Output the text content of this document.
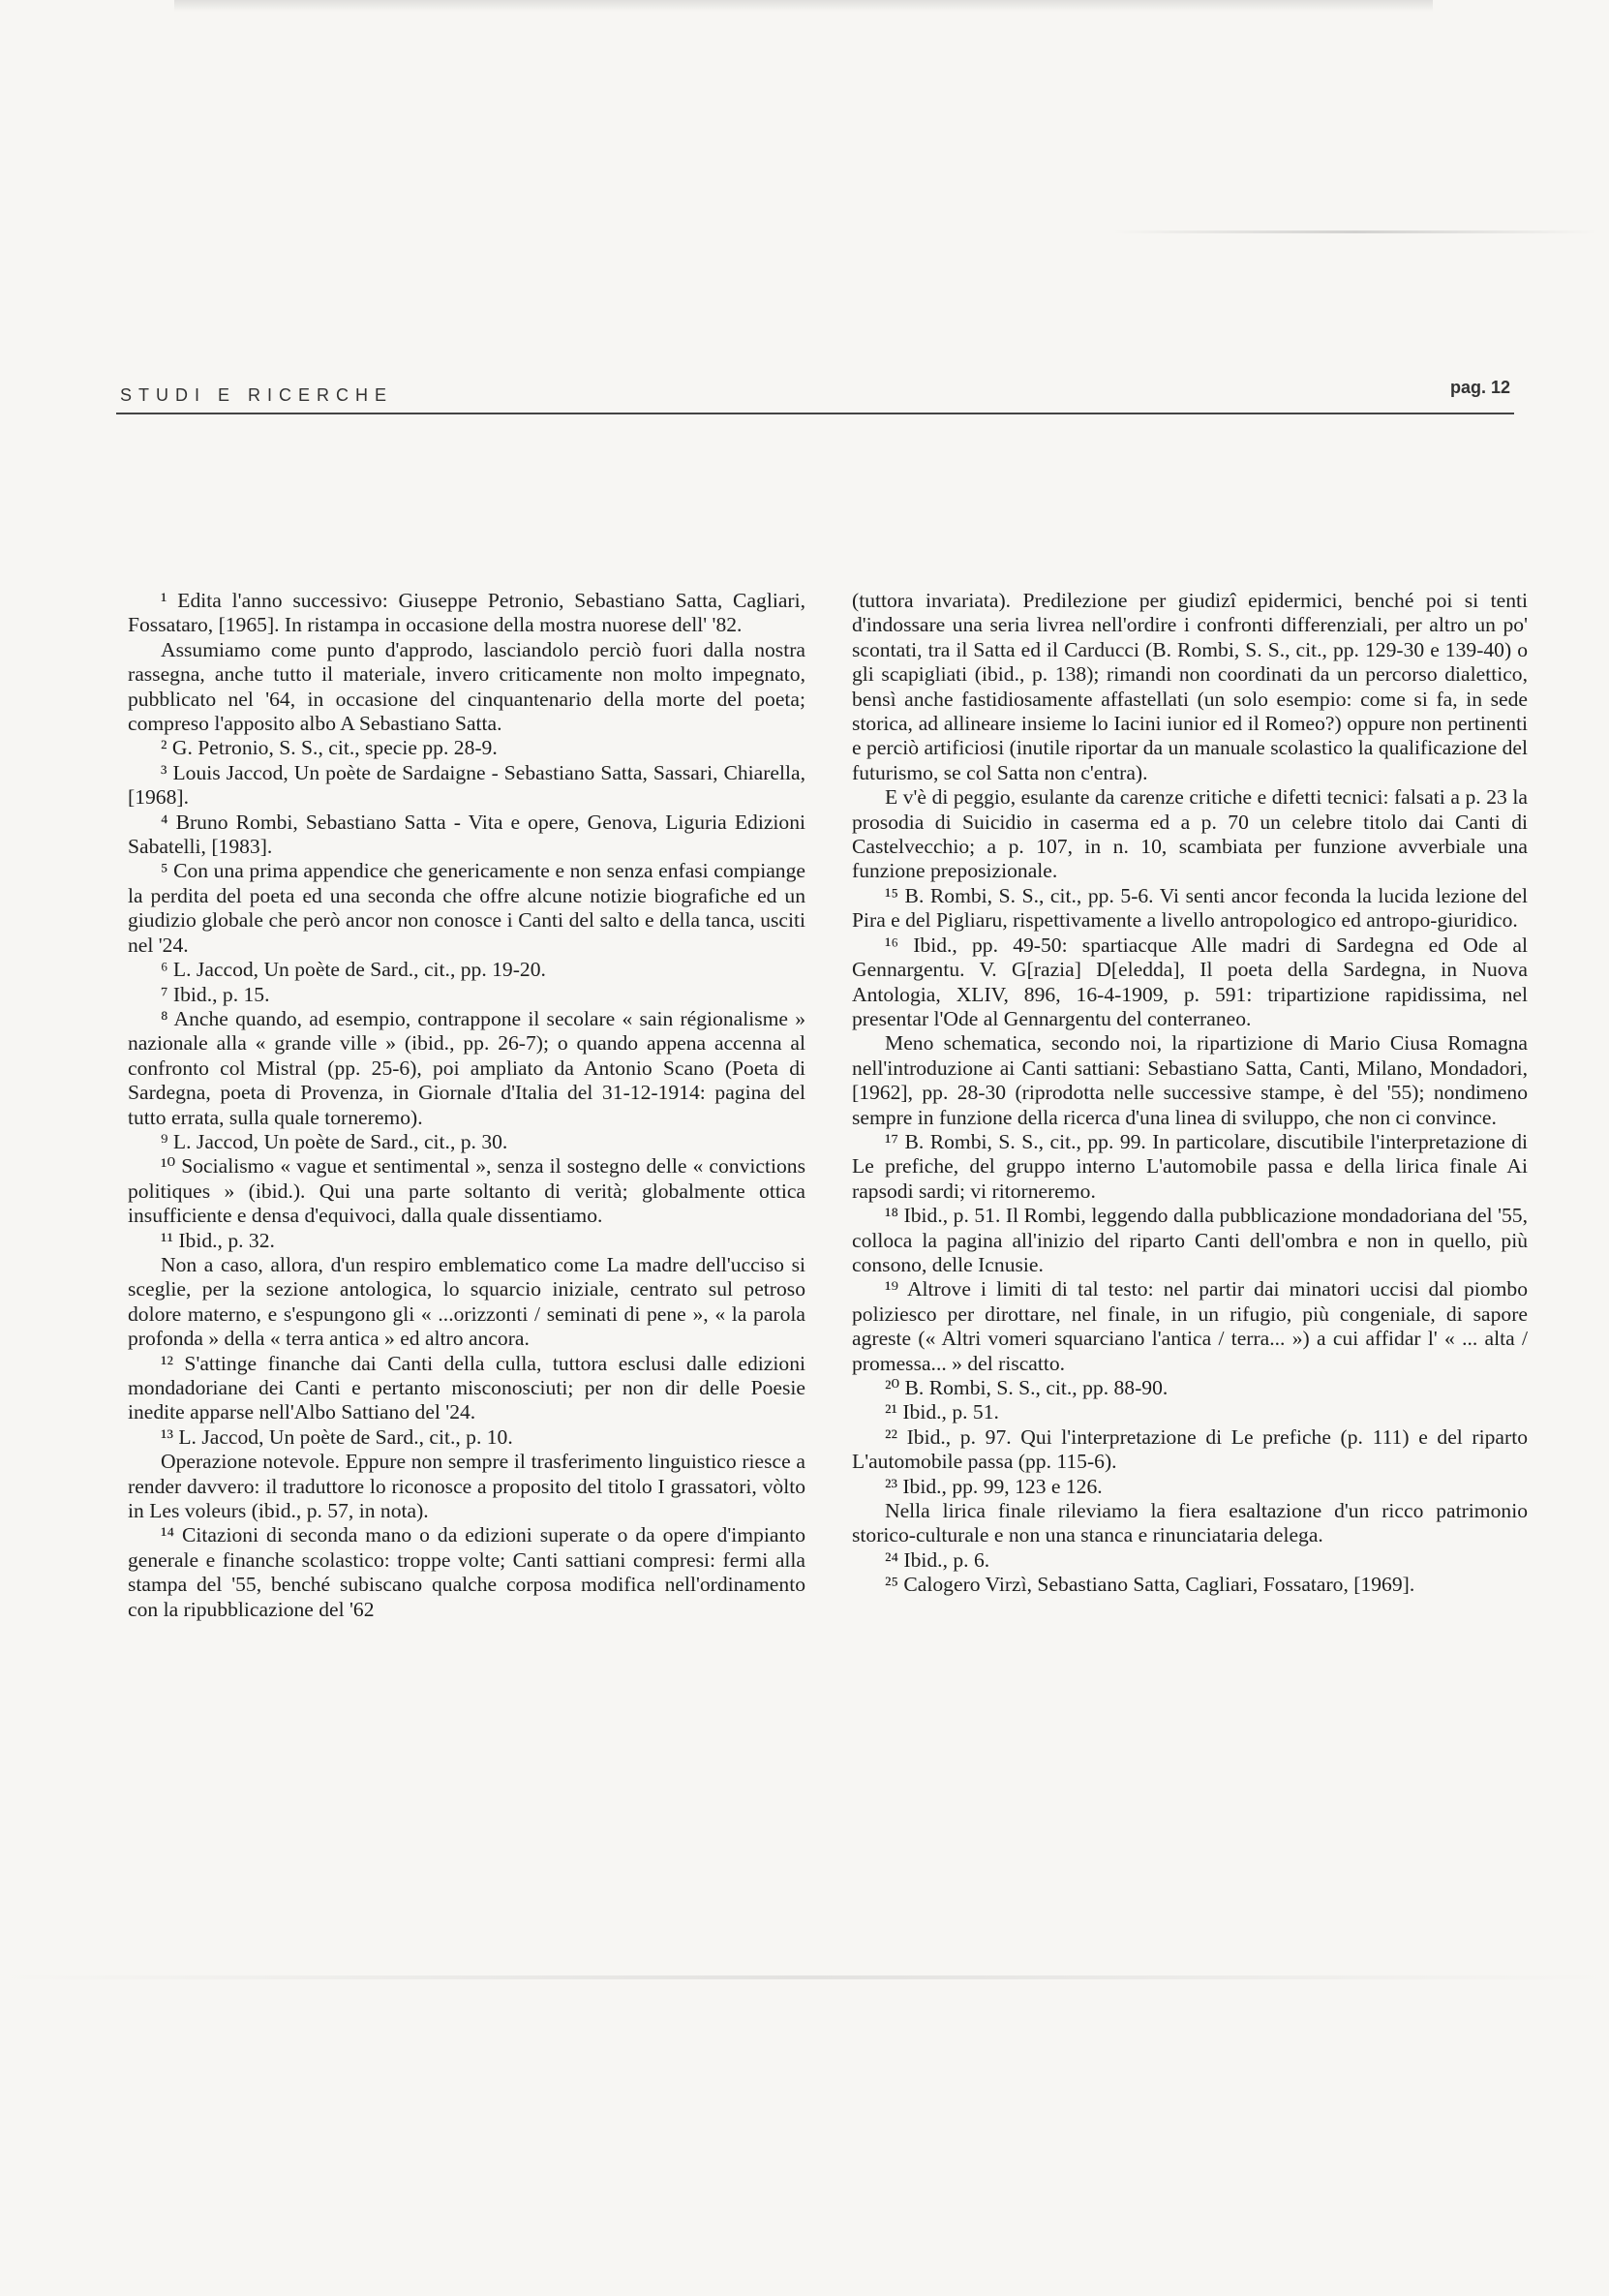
STUDI E RICERCHE	pag. 12

¹ Edita l'anno successivo: Giuseppe Petronio, Sebastiano Satta, Cagliari, Fossataro, [1965]. In ristampa in occasione della mostra nuorese dell' '82.

Assumiamo come punto d'approdo, lasciandolo perciò fuori dalla nostra rassegna, anche tutto il materiale, invero criticamente non molto impegnato, pubblicato nel '64, in occasione del cinquantenario della morte del poeta; compreso l'apposito albo A Sebastiano Satta.

² G. Petronio, S. S., cit., specie pp. 28-9.

³ Louis Jaccod, Un poète de Sardaigne - Sebastiano Satta, Sassari, Chiarella, [1968].

⁴ Bruno Rombi, Sebastiano Satta - Vita e opere, Genova, Liguria Edizioni Sabatelli, [1983].

⁵ Con una prima appendice che genericamente e non senza enfasi compiange la perdita del poeta ed una seconda che offre alcune notizie biografiche ed un giudizio globale che però ancor non conosce i Canti del salto e della tanca, usciti nel '24.

⁶ L. Jaccod, Un poète de Sard., cit., pp. 19-20.

⁷ Ibid., p. 15.

⁸ Anche quando, ad esempio, contrappone il secolare « sain régionalisme » nazionale alla « grande ville » (ibid., pp. 26-7); o quando appena accenna al confronto col Mistral (pp. 25-6), poi ampliato da Antonio Scano (Poeta di Sardegna, poeta di Provenza, in Giornale d'Italia del 31-12-1914: pagina del tutto errata, sulla quale torneremo).

⁹ L. Jaccod, Un poète de Sard., cit., p. 30.

¹⁰ Socialismo « vague et sentimental », senza il sostegno delle « convictions politiques » (ibid.). Qui una parte soltanto di verità; globalmente ottica insufficiente e densa d'equivoci, dalla quale dissentiamo.

¹¹ Ibid., p. 32.

Non a caso, allora, d'un respiro emblematico come La madre dell'ucciso si sceglie, per la sezione antologica, lo squarcio iniziale, centrato sul petroso dolore materno, e s'espungono gli « ...orizzonti / seminati di pene », « la parola profonda » della « terra antica » ed altro ancora.

¹² S'attinge finanche dai Canti della culla, tuttora esclusi dalle edizioni mondadoriane dei Canti e pertanto misconosciuti; per non dir delle Poesie inedite apparse nell'Albo Sattiano del '24.

¹³ L. Jaccod, Un poète de Sard., cit., p. 10.

Operazione notevole. Eppure non sempre il trasferimento linguistico riesce a render davvero: il traduttore lo riconosce a proposito del titolo I grassatori, vòlto in Les voleurs (ibid., p. 57, in nota).

¹⁴ Citazioni di seconda mano o da edizioni superate o da opere d'impianto generale e finanche scolastico: troppe volte; Canti sattiani compresi: fermi alla stampa del '55, benché subiscano qualche corposa modifica nell'ordinamento con la ripubblicazione del '62

(tuttora invariata). Predilezione per giudizî epidermici, benché poi si tenti d'indossare una seria livrea nell'ordire i confronti differenziali, per altro un po' scontati, tra il Satta ed il Carducci (B. Rombi, S. S., cit., pp. 129-30 e 139-40) o gli scapigliati (ibid., p. 138); rimandi non coordinati da un percorso dialettico, bensì anche fastidiosamente affastellati (un solo esempio: come si fa, in sede storica, ad allineare insieme lo Iacini iunior ed il Romeo?) oppure non pertinenti e perciò artificiosi (inutile riportar da un manuale scolastico la qualificazione del futurismo, se col Satta non c'entra).

E v'è di peggio, esulante da carenze critiche e difetti tecnici: falsati a p. 23 la prosodia di Suicidio in caserma ed a p. 70 un celebre titolo dai Canti di Castelvecchio; a p. 107, in n. 10, scambiata per funzione avverbiale una funzione preposizionale.

¹⁵ B. Rombi, S. S., cit., pp. 5-6. Vi senti ancor feconda la lucida lezione del Pira e del Pigliaru, rispettivamente a livello antropologico ed antropo-giuridico.

¹⁶ Ibid., pp. 49-50: spartiacque Alle madri di Sardegna ed Ode al Gennargentu. V. G[razia] D[eledda], Il poeta della Sardegna, in Nuova Antologia, XLIV, 896, 16-4-1909, p. 591: tripartizione rapidissima, nel presentar l'Ode al Gennargentu del conterraneo.

Meno schematica, secondo noi, la ripartizione di Mario Ciusa Romagna nell'introduzione ai Canti sattiani: Sebastiano Satta, Canti, Milano, Mondadori, [1962], pp. 28-30 (riprodotta nelle successive stampe, è del '55); nondimeno sempre in funzione della ricerca d'una linea di sviluppo, che non ci convince.

¹⁷ B. Rombi, S. S., cit., pp. 99. In particolare, discutibile l'interpretazione di Le prefiche, del gruppo interno L'automobile passa e della lirica finale Ai rapsodi sardi; vi ritorneremo.

¹⁸ Ibid., p. 51. Il Rombi, leggendo dalla pubblicazione mondadoriana del '55, colloca la pagina all'inizio del riparto Canti dell'ombra e non in quello, più consono, delle Icnusie.

¹⁹ Altrove i limiti di tal testo: nel partir dai minatori uccisi dal piombo poliziesco per dirottare, nel finale, in un rifugio, più congeniale, di sapore agreste (« Altri vomeri squarciano l'antica / terra... ») a cui affidar l' « ... alta / promessa... » del riscatto.

²⁰ B. Rombi, S. S., cit., pp. 88-90.

²¹ Ibid., p. 51.

²² Ibid., p. 97. Qui l'interpretazione di Le prefiche (p. 111) e del riparto L'automobile passa (pp. 115-6).

²³ Ibid., pp. 99, 123 e 126.

Nella lirica finale rileviamo la fiera esaltazione d'un ricco patrimonio storico-culturale e non una stanca e rinunciataria delega.

²⁴ Ibid., p. 6.

²⁵ Calogero Virzì, Sebastiano Satta, Cagliari, Fossataro, [1969].
